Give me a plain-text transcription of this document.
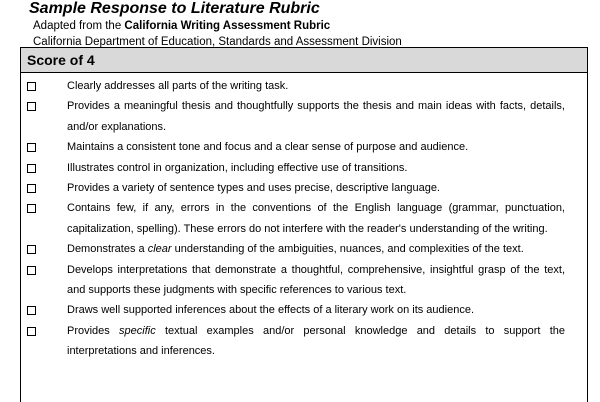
Sample Response to Literature Rubric
Adapted from the California Writing Assessment Rubric
California Department of Education, Standards and Assessment Division
Score of 4
Clearly addresses all parts of the writing task.
Provides a meaningful thesis and thoughtfully supports the thesis and main ideas with facts, details, and/or explanations.
Maintains a consistent tone and focus and a clear sense of purpose and audience.
Illustrates control in organization, including effective use of transitions.
Provides a variety of sentence types and uses precise, descriptive language.
Contains few, if any, errors in the conventions of the English language (grammar, punctuation, capitalization, spelling). These errors do not interfere with the reader's understanding of the writing.
Demonstrates a clear understanding of the ambiguities, nuances, and complexities of the text.
Develops interpretations that demonstrate a thoughtful, comprehensive, insightful grasp of the text, and supports these judgments with specific references to various text.
Draws well supported inferences about the effects of a literary work on its audience.
Provides specific textual examples and/or personal knowledge and details to support the interpretations and inferences.
